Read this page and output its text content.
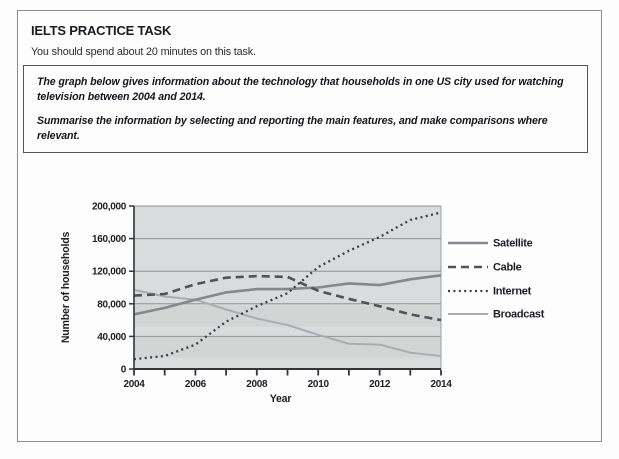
IELTS PRACTICE TASK

You should spend about 20 minutes on this task.

The graph below gives information about the technology that households in one US city used for watching television between 2004 and 2014.

Summarise the information by selecting and reporting the main features, and make comparisons where relevant.

0
40,000
80,000
120,000
160,000
200,000
2004	2006	2008	2010	2012	2014
Year
Number of households	Satellite
Cable
Internet
Broadcast
